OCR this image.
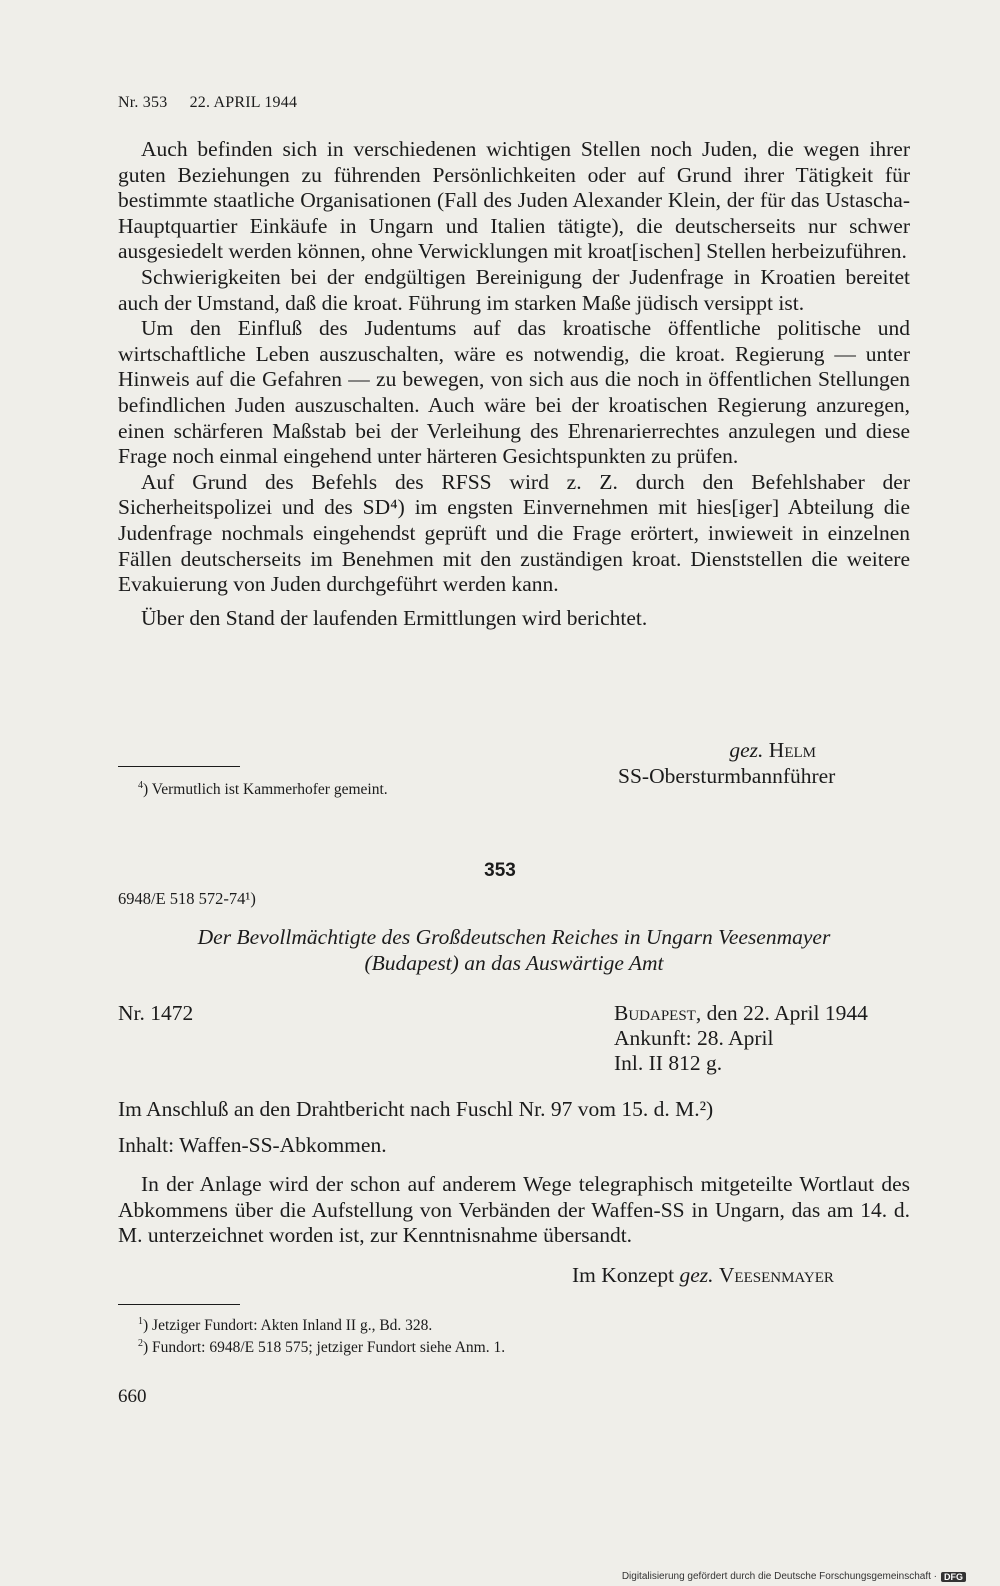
Nr. 353 22. APRIL 1944

Auch befinden sich in verschiedenen wichtigen Stellen noch Juden, die wegen ihrer guten Beziehungen zu führenden Persönlichkeiten oder auf Grund ihrer Tätigkeit für bestimmte staatliche Organisationen (Fall des Juden Alexander Klein, der für das Ustascha-Hauptquartier Einkäufe in Ungarn und Italien tätigte), die deutscherseits nur schwer ausgesiedelt werden können, ohne Verwicklungen mit kroat[ischen] Stellen herbeizuführen.

Schwierigkeiten bei der endgültigen Bereinigung der Judenfrage in Kroatien bereitet auch der Umstand, daß die kroat. Führung im starken Maße jüdisch versippt ist.

Um den Einfluß des Judentums auf das kroatische öffentliche politische und wirtschaftliche Leben auszuschalten, wäre es notwendig, die kroat. Regierung — unter Hinweis auf die Gefahren — zu bewegen, von sich aus die noch in öffentlichen Stellungen befindlichen Juden auszuschalten. Auch wäre bei der kroatischen Regierung anzuregen, einen schärferen Maßstab bei der Verleihung des Ehrenarierrechtes anzulegen und diese Frage noch einmal eingehend unter härteren Gesichtspunkten zu prüfen.

Auf Grund des Befehls des RFSS wird z. Z. durch den Befehlshaber der Sicherheitspolizei und des SD⁴) im engsten Einvernehmen mit hies[iger] Abteilung die Judenfrage nochmals eingehendst geprüft und die Frage erörtert, inwieweit in einzelnen Fällen deutscherseits im Benehmen mit den zuständigen kroat. Dienststellen die weitere Evakuierung von Juden durchgeführt werden kann.

Über den Stand der laufenden Ermittlungen wird berichtet.

gez. Helm
SS-Obersturmbannführer
$^4$) Vermutlich ist Kammerhofer gemeint.
353
6948/E 518 572-74¹)
Der Bevollmächtigte des Großdeutschen Reiches in Ungarn Veesenmayer
(Budapest) an das Auswärtige Amt
Nr. 1472	Budapest, den 22. April 1944
Ankunft: 28. April
Inl. II 812 g.
Im Anschluß an den Drahtbericht nach Fuschl Nr. 97 vom 15. d. M.²)
Inhalt: Waffen-SS-Abkommen.

In der Anlage wird der schon auf anderem Wege telegraphisch mitgeteilte Wortlaut des Abkommens über die Aufstellung von Verbänden der Waffen-SS in Ungarn, das am 14. d. M. unterzeichnet worden ist, zur Kenntnisnahme übersandt.

Im Konzept gez. Veesenmayer
$^1$) Jetziger Fundort: Akten Inland II g., Bd. 328.
$^2$) Fundort: 6948/E 518 575; jetziger Fundort siehe Anm. 1.
660
Digitalisierung gefördert durch die Deutsche Forschungsgemeinschaft · DFG
